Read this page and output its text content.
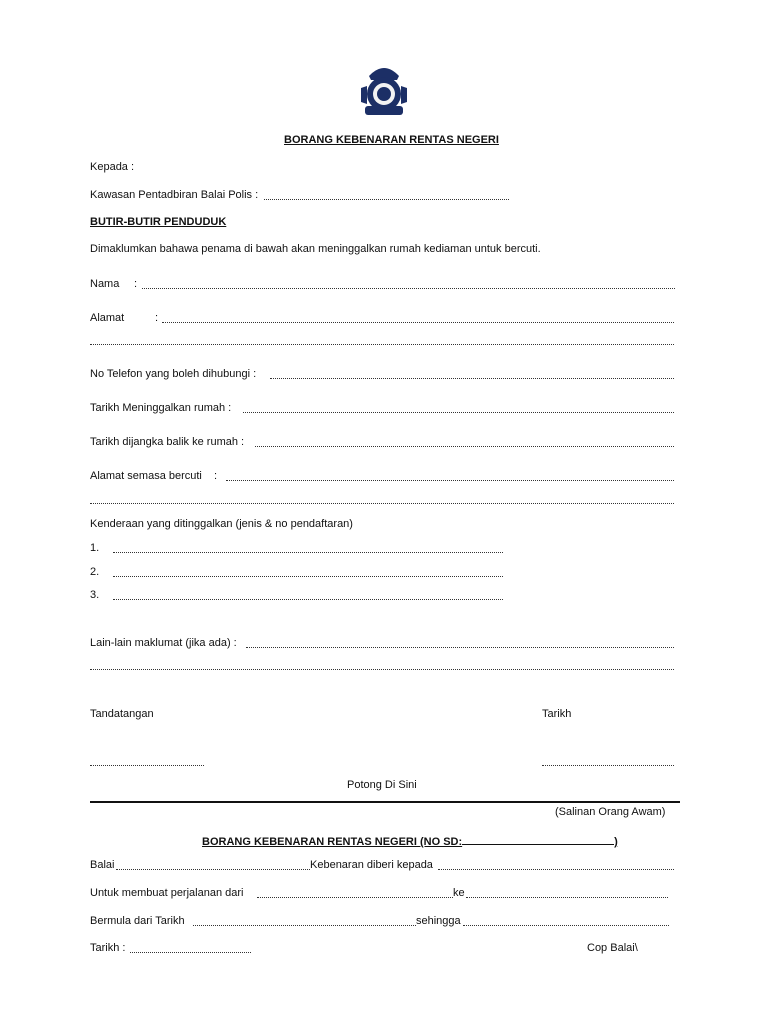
BORANG KEBENARAN RENTAS NEGERI
Kepada :
Kawasan Pentadbiran Balai Polis :
BUTIR-BUTIR PENDUDUK
Dimaklumkan bahawa penama di bawah akan meninggalkan rumah kediaman untuk bercuti.
Nama :
Alamat	:
No Telefon yang boleh dihubungi :
Tarikh Meninggalkan rumah :
Tarikh dijangka balik ke rumah :
Alamat semasa bercuti :
Kenderaan yang ditinggalkan (jenis & no pendaftaran)
1.
2.
3.
Lain-lain maklumat (jika ada) :
Tandatangan	Tarikh
Potong Di Sini
(Salinan Orang Awam)
BORANG KEBENARAN RENTAS NEGERI (NO SD:	)
Balai	Kebenaran diberi kepada
Untuk membuat perjalanan dari	ke
Bermula dari Tarikh	sehingga
Tarikh :	Cop Balai\
